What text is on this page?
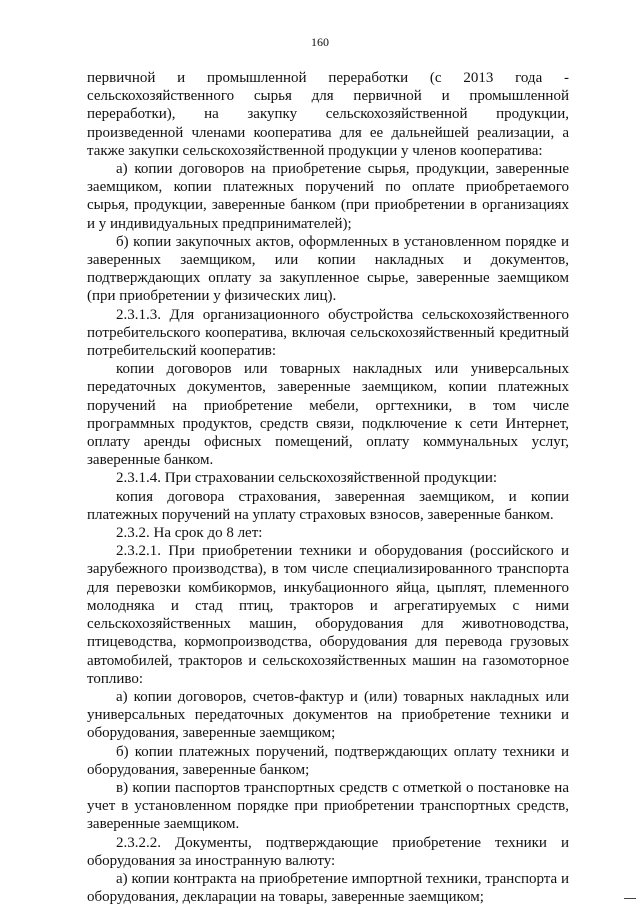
160

первичной и промышленной переработки (с 2013 года - сельскохозяйственного сырья для первичной и промышленной переработки), на закупку сельскохозяйственной продукции, произведенной членами кооператива для ее дальнейшей реализации, а также закупки сельскохозяйственной продукции у членов кооператива:

а) копии договоров на приобретение сырья, продукции, заверенные заемщиком, копии платежных поручений по оплате приобретаемого сырья, продукции, заверенные банком (при приобретении в организациях и у индивидуальных предпринимателей);

б) копии закупочных актов, оформленных в установленном порядке и заверенных заемщиком, или копии накладных и документов, подтверждающих оплату за закупленное сырье, заверенные заемщиком (при приобретении у физических лиц).

2.3.1.3. Для организационного обустройства сельскохозяйственного потребительского кооператива, включая сельскохозяйственный кредитный потребительский кооператив:

копии договоров или товарных накладных или универсальных передаточных документов, заверенные заемщиком, копии платежных поручений на приобретение мебели, оргтехники, в том числе программных продуктов, средств связи, подключение к сети Интернет, оплату аренды офисных помещений, оплату коммунальных услуг, заверенные банком.

2.3.1.4. При страховании сельскохозяйственной продукции:

копия договора страхования, заверенная заемщиком, и копии платежных поручений на уплату страховых взносов, заверенные банком.

2.3.2. На срок до 8 лет:

2.3.2.1. При приобретении техники и оборудования (российского и зарубежного производства), в том числе специализированного транспорта для перевозки комбикормов, инкубационного яйца, цыплят, племенного молодняка и стад птиц, тракторов и агрегатируемых с ними сельскохозяйственных машин, оборудования для животноводства, птицеводства, кормопроизводства, оборудования для перевода грузовых автомобилей, тракторов и сельскохозяйственных машин на газомоторное топливо:

а) копии договоров, счетов-фактур и (или) товарных накладных или универсальных передаточных документов на приобретение техники и оборудования, заверенные заемщиком;

б) копии платежных поручений, подтверждающих оплату техники и оборудования, заверенные банком;

в) копии паспортов транспортных средств с отметкой о постановке на учет в установленном порядке при приобретении транспортных средств, заверенные заемщиком.

2.3.2.2. Документы, подтверждающие приобретение техники и оборудования за иностранную валюту:

а) копии контракта на приобретение импортной техники, транспорта и оборудования, декларации на товары, заверенные заемщиком;
